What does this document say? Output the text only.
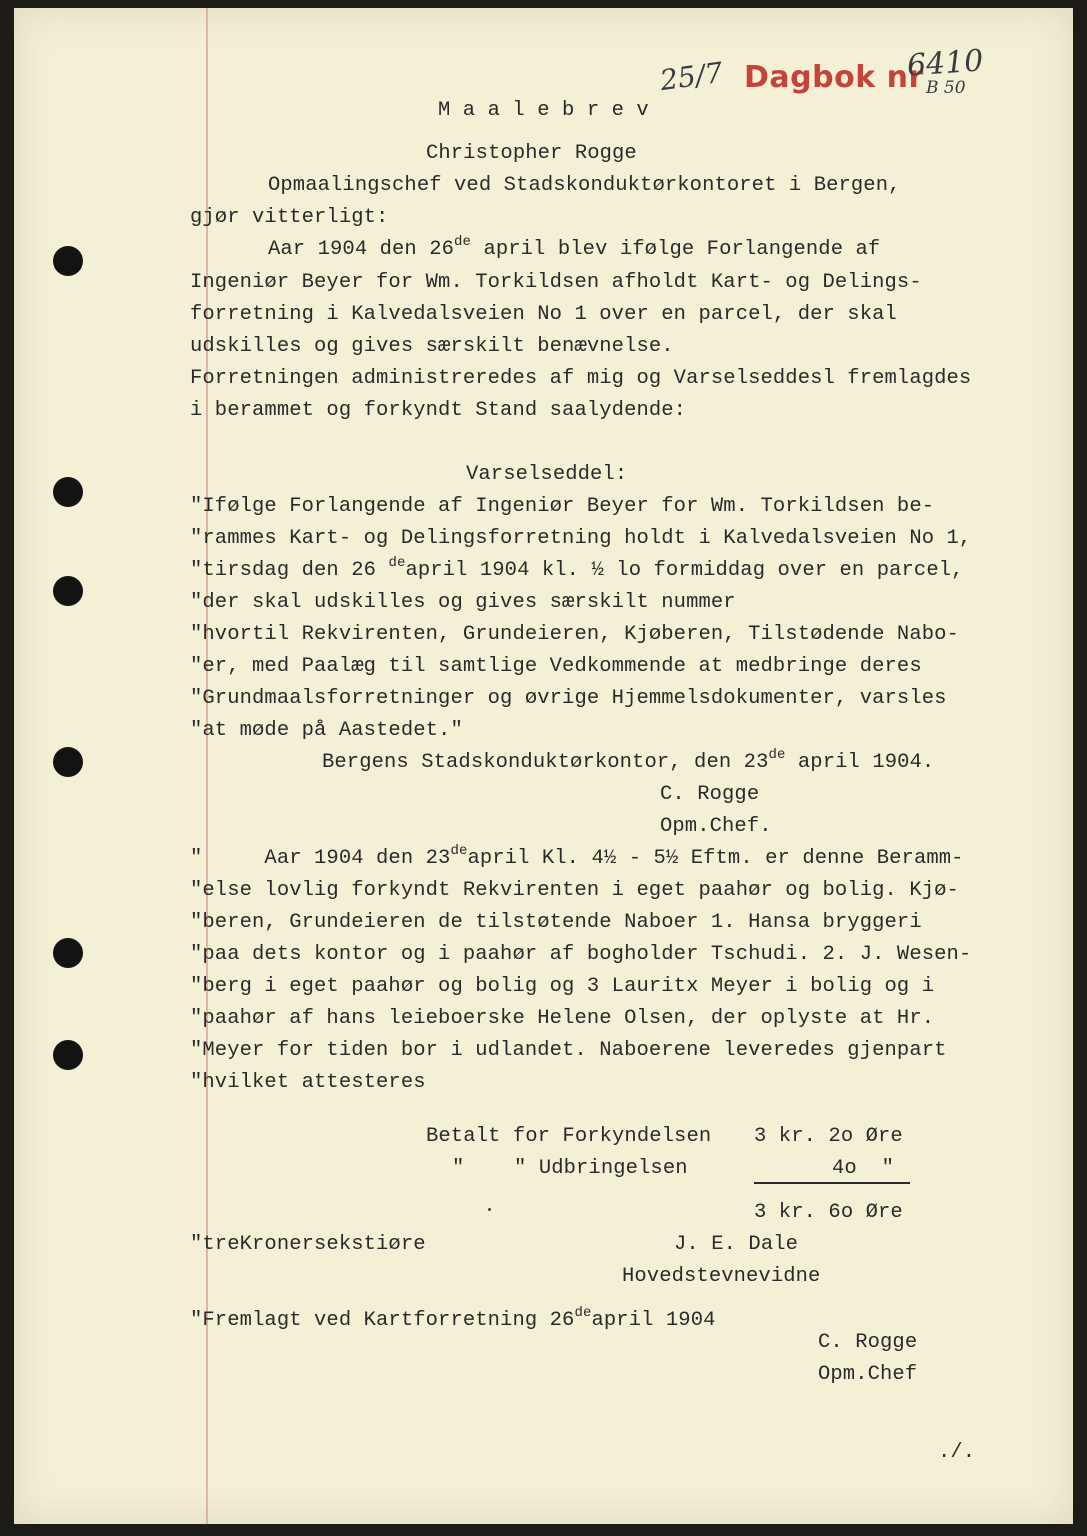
25/7 Dagbok nr
6410
B 50
M a a l e b r e v
Christopher Rogge
Opmaalingschef ved Stadskonduktørkontoret i Bergen,
gjør vitterligt:
Aar 1904 den 26de april blev ifølge Forlangende af
Ingeniør Beyer for Wm. Torkildsen afholdt Kart- og Delings-
forretning i Kalvedalsveien No 1 over en parcel, der skal
udskilles og gives særskilt benævnelse.
Forretningen administreredes af mig og Varselseddesl fremlagdes
i berammet og forkyndt Stand saalydende:
Varselseddel:
"Ifølge Forlangende af Ingeniør Beyer for Wm. Torkildsen be-
"rammes Kart- og Delingsforretning holdt i Kalvedalsveien No 1,
"tirsdag den 26 $^{de}$april 1904 kl. ½ lo formiddag over en parcel,
"der skal udskilles og gives særskilt nummer
"hvortil Rekvirenten, Grundeieren, Kjøberen, Tilstødende Nabo-
"er, med Paalæg til samtlige Vedkommende at medbringe deres
"Grundmaalsforretninger og øvrige Hjemmelsdokumenter, varsles
"at møde på Aastedet."
Bergens Stadskonduktørkontor, den 23de april 1904.
C. Rogge
Opm.Chef.
"     Aar 1904 den 23deapril Kl. 4½ - 5½ Eftm. er denne Beramm-
"else lovlig forkyndt Rekvirenten i eget paahør og bolig. Kjø-
"beren, Grundeieren de tilstøtende Naboer 1. Hansa bryggeri
"paa dets kontor og i paahør af bogholder Tschudi. 2. J. Wesen-
"berg i eget paahør og bolig og 3 Lauritx Meyer i bolig og i
"paahør af hans leieboerske Helene Olsen, der oplyste at Hr.
"Meyer for tiden bor i udlandet. Naboerene leveredes gjenpart
"hvilket attesteres
Betalt for Forkyndelsen 3 kr. 2o Øre
"    " Udbringelsen	4o  "
3 kr. 6o Øre
"treKronersekstiøre	J. E. Dale
Hovedstevnevidne
"Fremlagt ved Kartforretning 26deapril 1904
C. Rogge
Opm.Chef
./.
